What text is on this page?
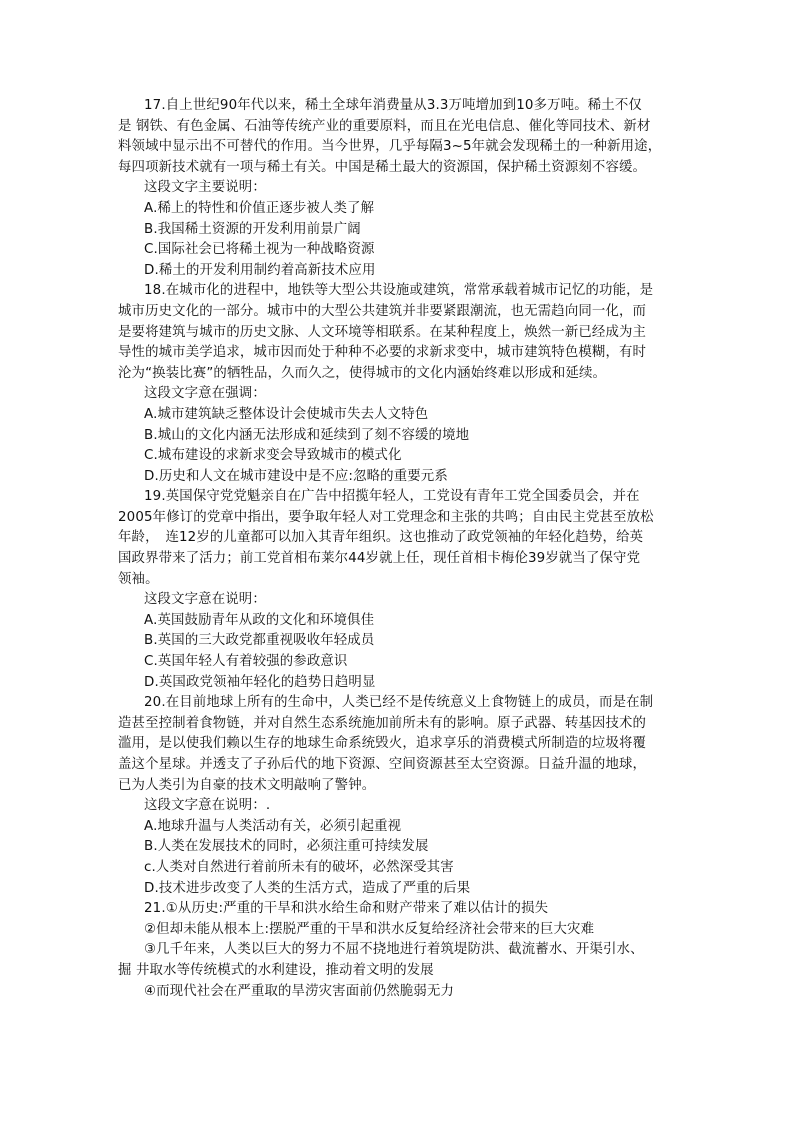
17.自上世纪90年代以来，稀土全球年消费量从3.3万吨增加到10多万吨。稀土不仅

是 钢铁、有色金属、石油等传统产业的重要原料，而且在光电信息、催化等同技术、新材

料领域中显示出不可替代的作用。当今世界，几乎每隔3~5年就会发现稀土的一种新用途，

每四项新技术就有一项与稀土有关。中国是稀土最大的资源国，保护稀土资源刻不容缓。

这段文字主要说明：

A.稀上的特性和价值正逐步被人类了解

B.我国稀土资源的开发利用前景广阔

C.国际社会已将稀土视为一种战略资源

D.稀土的开发利用制约着高新技术应用

18.在城市化的进程中，地铁等大型公共设施或建筑，常常承载着城市记忆的功能，是

城市历史文化的一部分。城市中的大型公共建筑并非要紧跟潮流，也无需趋向同一化，而

是要将建筑与城市的历史文脉、人文环境等相联系。在某种程度上，焕然一新已经成为主

导性的城市美学追求，城市因而处于种种不必要的求新求变中，城市建筑特色模糊，有时

沦为“换装比赛”的牺牲品，久而久之，使得城市的文化内涵始终难以形成和延续。

这段文字意在强调：

A.城市建筑缺乏整体设计会使城市失去人文特色

B.城山的文化内涵无法形成和延续到了刻不容缓的境地

C.城布建设的求新求变会导致城市的模式化

D.历史和人文在城市建设中是不应:忽略的重要元系

19.英国保守党党魁亲自在广告中招揽年轻人，工党设有青年工党全国委员会，并在

2005年修订的党章中指出，要争取年轻人对工党理念和主张的共鸣；自由民主党甚至放松

年龄，　连12岁的儿童都可以加入其青年组织。这也推动了政党领袖的年轻化趋势，给英

国政界带来了活力；前工党首相布莱尔44岁就上任，现任首相卡梅伦39岁就当了保守党

领袖。

这段文字意在说明：

A.英国鼓励青年从政的文化和环境俱佳

B.英国的三大政党都重视吸收年轻成员

C.英国年轻人有着较强的参政意识

D.英国政党领袖年轻化的趋势日趋明显

20.在目前地球上所有的生命中，人类已经不是传统意义上食物链上的成员，而是在制

造甚至控制着食物链，并对自然生态系统施加前所未有的影响。原子武器、转基因技术的

滥用，是以使我们赖以生存的地球生命系统毁火，追求享乐的消费模式所制造的垃圾将覆

盖这个星球。并透支了子孙后代的地下资源、空间资源甚至太空资源。日益升温的地球，

已为人类引为自豪的技术文明敲响了警钟。

这段文字意在说明：.

A.地球升温与人类活动有关，必须引起重视

B.人类在发展技术的同时，必须注重可持续发展

c.人类对自然进行着前所未有的破坏，必然深受其害

D.技术进步改变了人类的生活方式，造成了严重的后果

21.①从历史:严重的干旱和洪水给生命和财产带来了难以估计的损失

②但却未能从根本上:摆脱严重的干旱和洪水反复给经济社会带来的巨大灾难

③几千年来，人类以巨大的努力不屈不挠地进行着筑堤防洪、截流蓄水、开渠引水、

掘 井取水等传统模式的水利建设，推动着文明的发展

④而现代社会在严重取的旱涝灾害面前仍然脆弱无力
